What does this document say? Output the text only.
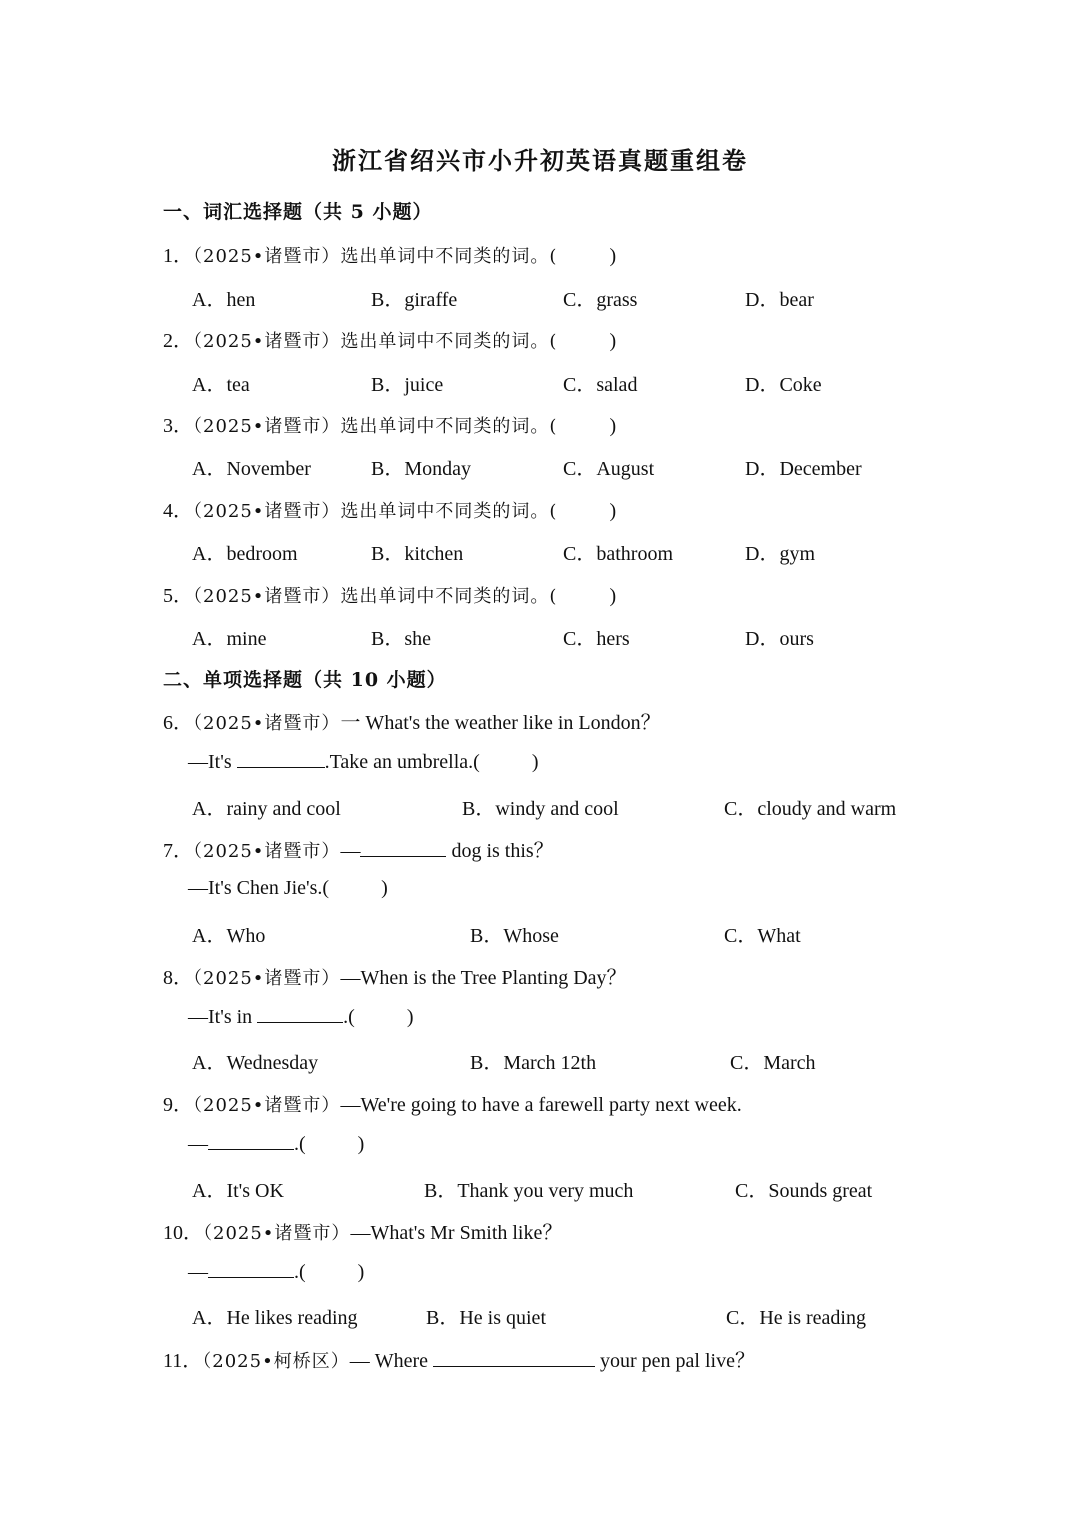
浙江省绍兴市小升初英语真题重组卷
一、词汇选择题（共 5 小题）
1．（2025•诸暨市）选出单词中不同类的词。(	)
A．hen	B．giraffe	C．grass	D．bear
2．（2025•诸暨市）选出单词中不同类的词。(	)
A．tea	B．juice	C．salad	D．Coke
3．（2025•诸暨市）选出单词中不同类的词。(	)
A．November	B．Monday	C．August	D．December
4．（2025•诸暨市）选出单词中不同类的词。(	)
A．bedroom	B．kitchen	C．bathroom	D．gym
5．（2025•诸暨市）选出单词中不同类的词。(	)
A．mine	B．she	C．hers	D．ours
二、单项选择题（共 10 小题）
6．（2025•诸暨市）一 What's the weather like in London？
—It's	.Take an umbrella.(	)
A．rainy and cool	B．windy and cool	C．cloudy and warm
7．（2025•诸暨市）—	dog is this？
—It's Chen Jie's.(	)
A．Who	B．Whose	C．What
8．（2025•诸暨市）—When is the Tree Planting Day？
—It's in	.(	)
A．Wednesday	B．March 12th	C．March
9．（2025•诸暨市）—We're going to have a farewell party next week.
—	.(	)
A．It's OK	B．Thank you very much	C．Sounds great
10．（2025•诸暨市）—What's Mr Smith like？
—	.(	)
A．He likes reading	B．He is quiet	C．He is reading
11．（2025•柯桥区）— Where	your pen pal live？
